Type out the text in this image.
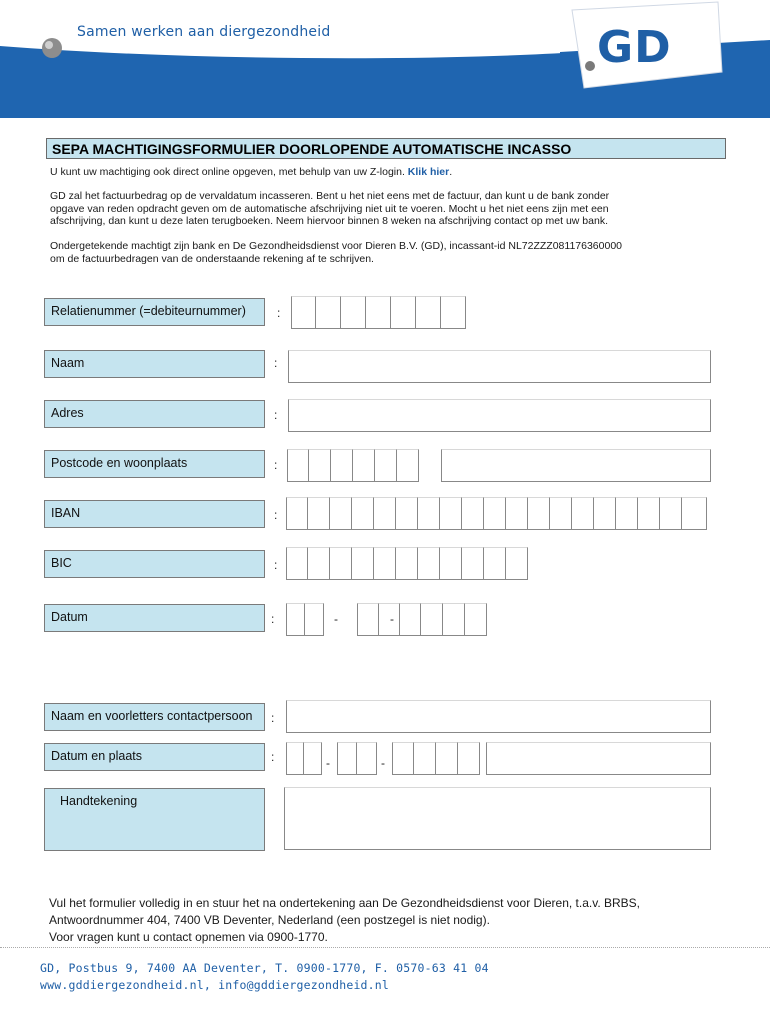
Samen werken aan diergezondheid	GD
SEPA MACHTIGINGSFORMULIER DOORLOPENDE AUTOMATISCHE INCASSO
U kunt uw machtiging ook direct online opgeven, met behulp van uw Z-login. Klik hier.
GD zal het factuurbedrag op de vervaldatum incasseren. Bent u het niet eens met de factuur, dan kunt u de bank zonder
opgave van reden opdracht geven om de automatische afschrijving niet uit te voeren. Mocht u het niet eens zijn met een
afschrijving, dan kunt u deze laten terugboeken. Neem hiervoor binnen 8 weken na afschrijving contact op met uw bank.
Ondergetekende machtigt zijn bank en De Gezondheidsdienst voor Dieren B.V. (GD), incassant-id NL72ZZZ081176360000
om de factuurbedragen van de onderstaande rekening af te schrijven.
Relatienummer (=debiteurnummer)	:
Naam	:
Adres	:
Postcode en woonplaats	:
IBAN	:
BIC	:
Datum	:	-	-
Naam en voorletters contactpersoon	:
Datum en plaats	:	-	-
Handtekening
Vul het formulier volledig in en stuur het na ondertekening aan De Gezondheidsdienst voor Dieren, t.a.v. BRBS,
Antwoordnummer 404, 7400 VB Deventer, Nederland (een postzegel is niet nodig).
Voor vragen kunt u contact opnemen via 0900-1770.
GD, Postbus 9, 7400 AA Deventer, T. 0900-1770, F. 0570-63 41 04
www.gddiergezondheid.nl, info@gddiergezondheid.nl
